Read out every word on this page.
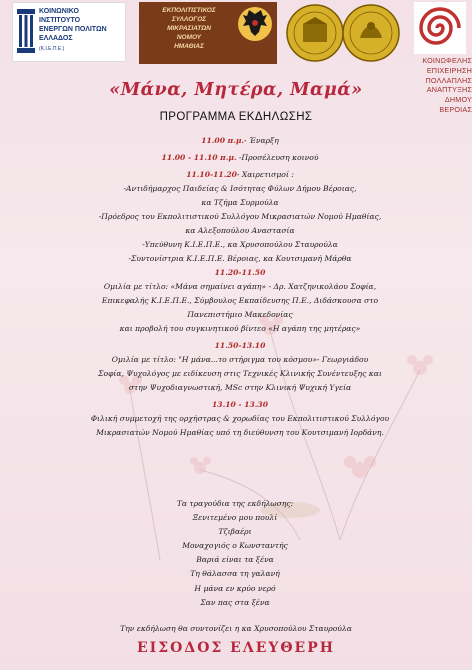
ΚΟΙΝΩΝΙΚΟ
ΙΝΣΤΙΤΟΥΤΟ
ΕΝΕΡΓΩΝ ΠΟΛΙΤΩΝ
ΕΛΛΑΔΟΣ
(Κ.Ι.Ε.Π.Ε.)
ΕΚΠΟΛΙΤΙΣΤΙΚΟΣ
ΣΥΛΛΟΓΟΣ
ΜΙΚΡΑΣΙΑΤΩΝ
ΝΟΜΟΥ
ΗΜΑΘΙΑΣ
ΚΟΙΝΩΦΕΛΗΣ
ΕΠΙΧΕΙΡΗΣΗ
ΠΟΛΛΑΠΛΗΣ
ΑΝΑΠΤΥΞΗΣ
ΔΗΜΟΥ
ΒΕΡΟΙΑΣ
«Μάνα, Μητέρα, Μαμά»
ΠΡΟΓΡΑΜΜΑ ΕΚΔΗΛΩΣΗΣ
11.00 π.μ.- Έναρξη
11.00 - 11.10 π.μ. -Προσέλευση κοινού
11.10-11.20- Χαιρετισμοί :
-Αντιδήμαρχος Παιδείας & Ισότητας Φύλων Δήμου Βέροιας,
κα Τζήμα Συρμούλα
-Πρόεδρος του Εκπολιτιστικού Συλλόγου Μικρασιατών Νομού Ημαθίας,
κα Αλεξοπούλου Αναστασία
-Υπεύθυνη Κ.Ι.Ε.Π.Ε., κα Χρυσοπούλου Σταυρούλα
-Συντονίστρια Κ.Ι.Ε.Π.Ε. Βέροιας, κα Κουτσιμανή Μάρθα
11.20-11.50
Ομιλία με τίτλο: «Μάνα σημαίνει αγάπη» - Δρ. Χατζηνικολάου Σοφία,
Επικεφαλής Κ.Ι.Ε.Π.Ε., Σύμβουλος Εκπαίδευσης Π.Ε., Διδάσκουσα στο
Πανεπιστήμιο Μακεδονίας
και προβολή του συγκινητικού βίντεο «Η αγάπη της μητέρας»
11.50-13.10
Ομιλία με τίτλο: "Η μάνα...το στήριγμα του κόσμου»- Γεωργιάδου
Σοφία, Ψυχολόγος με ειδίκευση στις Τεχνικές Κλινικής Συνέντευξης και
στην Ψυχοδιαγνωστική, MSc στην Κλινική Ψυχική Υγεία
13.10 - 13.30
Φιλική συμμετοχή της ορχήστρας & χορωδίας του Εκπολιτιστικού Συλλόγου
Μικρασιατών Νομού Ημαθίας υπό τη διεύθυνση του Κουτσιμανή Ιορδάνη.
Τα τραγούδια της εκδήλωσης:
Ξενιτεμένο μου πουλί
Τζιβαέρι
Μοναχογιός ο Κωνσταντής
Βαριά είναι τα ξένα
Τη θάλασσα τη γαλανή
Η μάνα εν κρύο νερό
Σαν πας στα ξένα
Την εκδήλωση θα συντονίζει η κα Χρυσοπούλου Σταυρούλα
ΕΙΣΟΔΟΣ ΕΛΕΥΘΕΡΗ
